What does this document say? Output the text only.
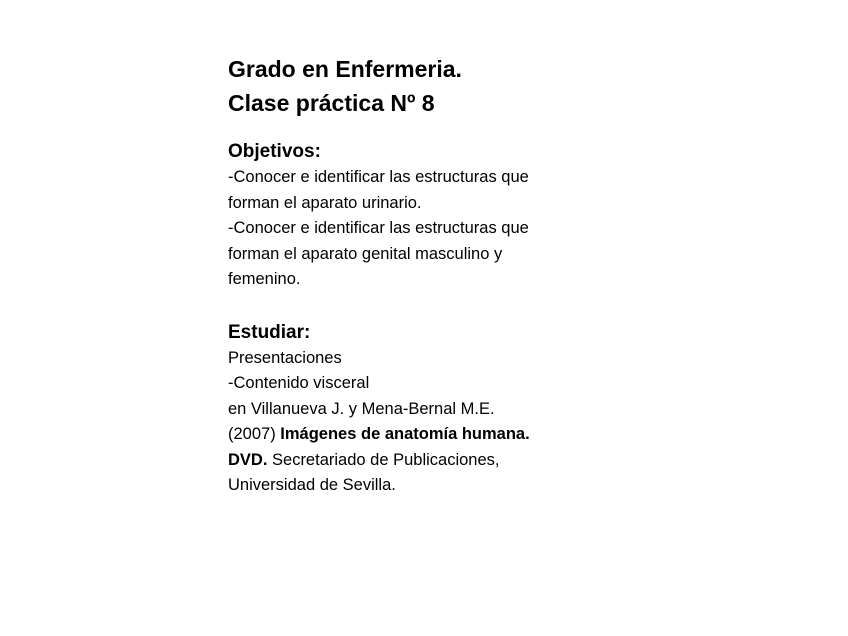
Grado en Enfermeria.
Clase práctica Nº 8
Objetivos:
-Conocer e identificar las estructuras que
forman el aparato urinario.
-Conocer e identificar las estructuras que
forman el aparato genital masculino y
femenino.
Estudiar:
Presentaciones
-Contenido visceral
en Villanueva J. y Mena-Bernal M.E.
(2007) Imágenes de anatomía humana.
DVD. Secretariado de Publicaciones,
Universidad de Sevilla.
